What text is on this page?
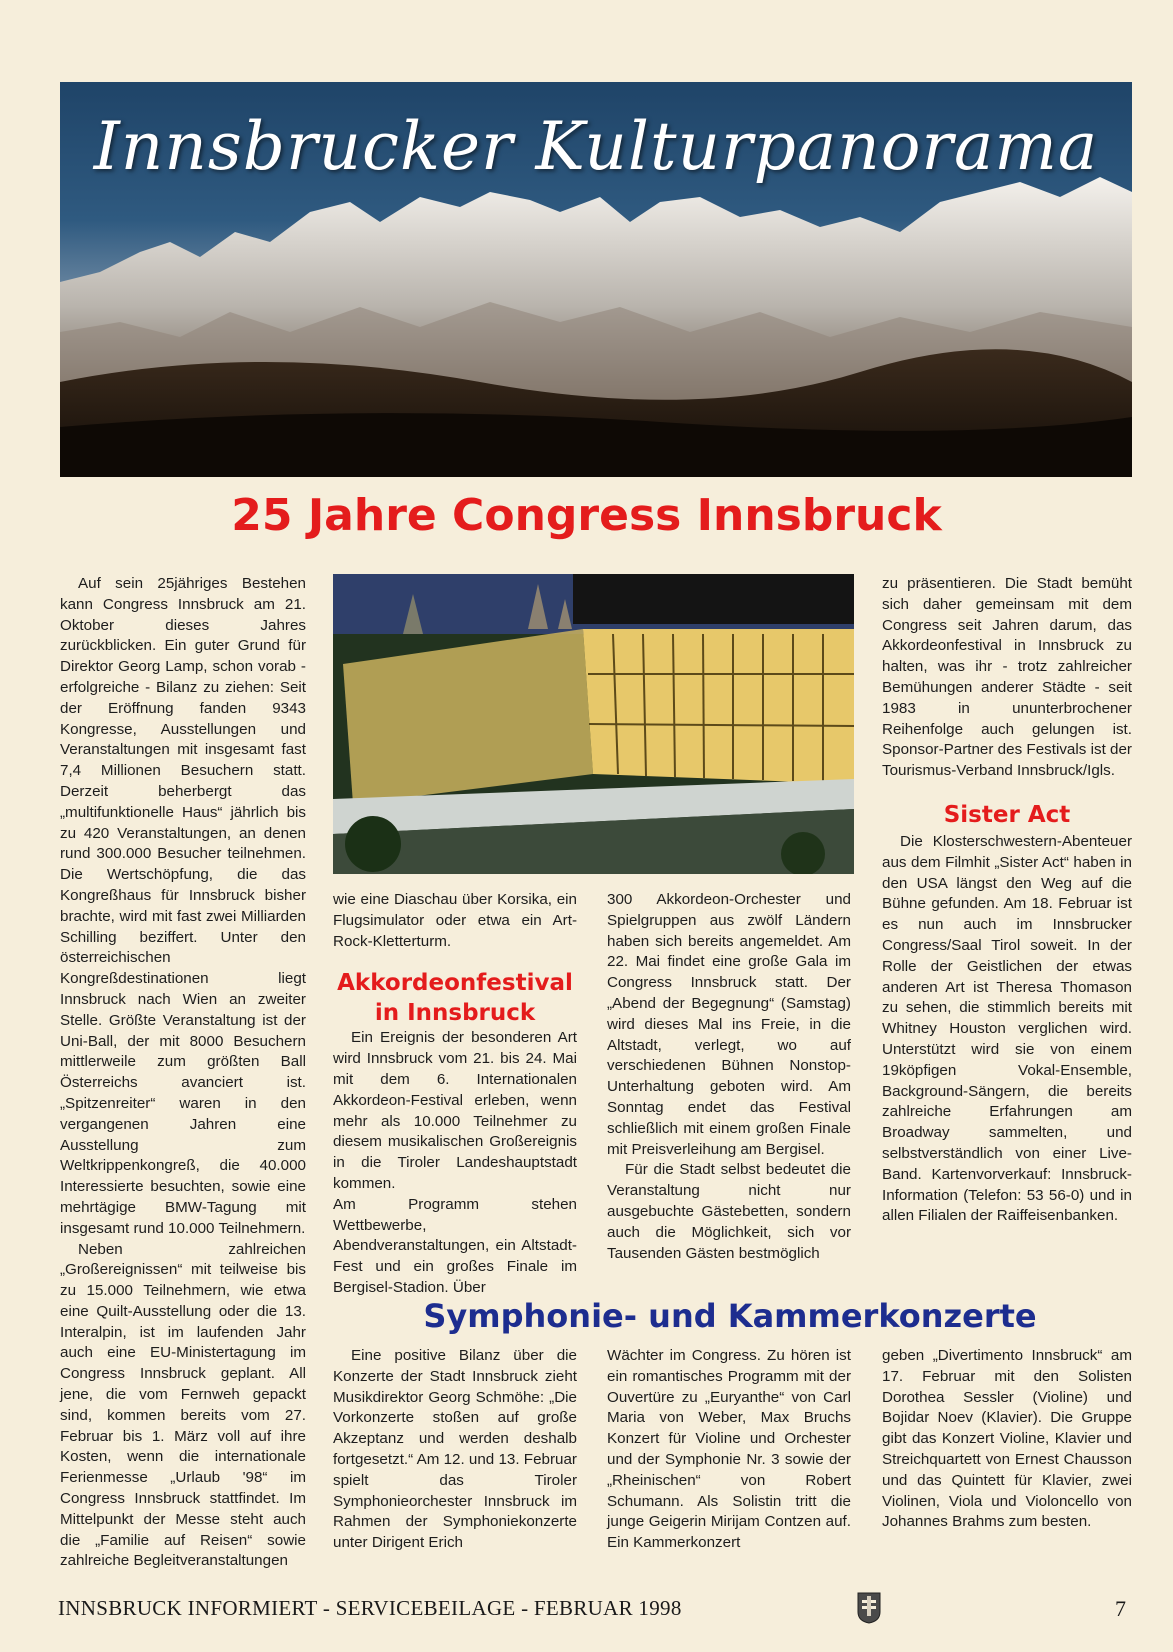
Innsbrucker Kulturpanorama
25 Jahre Congress Innsbruck

Auf sein 25jähriges Bestehen kann Congress Innsbruck am 21. Oktober dieses Jahres zurückblicken. Ein guter Grund für Direktor Georg Lamp, schon vorab - erfolgreiche - Bilanz zu ziehen: Seit der Eröffnung fanden 9343 Kongresse, Ausstellungen und Veranstaltungen mit insgesamt fast 7,4 Millionen Besuchern statt. Derzeit beherbergt das „multifunktionelle Haus“ jährlich bis zu 420 Veranstaltungen, an denen rund 300.000 Besucher teilnehmen. Die Wertschöpfung, die das Kongreßhaus für Innsbruck bisher brachte, wird mit fast zwei Milliarden Schilling beziffert. Unter den österreichischen Kongreßdestinationen liegt Innsbruck nach Wien an zweiter Stelle. Größte Veranstaltung ist der Uni-Ball, der mit 8000 Besuchern mittlerweile zum größten Ball Österreichs avanciert ist. „Spitzenreiter“ waren in den vergangenen Jahren eine Ausstellung zum Weltkrippenkongreß, die 40.000 Interessierte besuchten, sowie eine mehrtägige BMW-Tagung mit insgesamt rund 10.000 Teilnehmern.

Neben zahlreichen „Großereignissen“ mit teilweise bis zu 15.000 Teilnehmern, wie etwa eine Quilt-Ausstellung oder die 13. Interalpin, ist im laufenden Jahr auch eine EU-Ministertagung im Congress Innsbruck geplant. All jene, die vom Fernweh gepackt sind, kommen bereits vom 27. Februar bis 1. März voll auf ihre Kosten, wenn die internationale Ferienmesse „Urlaub '98“ im Congress Innsbruck stattfindet. Im Mittelpunkt der Messe steht auch die „Familie auf Reisen“ sowie zahlreiche Begleitveranstaltungen

wie eine Diaschau über Korsika, ein Flugsimulator oder etwa ein Art-Rock-Kletterturm.

Akkordeonfestival
in Innsbruck

Ein Ereignis der besonderen Art wird Innsbruck vom 21. bis 24. Mai mit dem 6. Internationalen Akkordeon-Festival erleben, wenn mehr als 10.000 Teilnehmer zu diesem musikalischen Großereignis in die Tiroler Landeshauptstadt kommen.

Am Programm stehen Wettbewerbe, Abendveranstaltungen, ein Altstadt-Fest und ein großes Finale im Bergisel-Stadion. Über

300 Akkordeon-Orchester und Spielgruppen aus zwölf Ländern haben sich bereits angemeldet. Am 22. Mai findet eine große Gala im Congress Innsbruck statt. Der „Abend der Begegnung“ (Samstag) wird dieses Mal ins Freie, in die Altstadt, verlegt, wo auf verschiedenen Bühnen Nonstop-Unterhaltung geboten wird. Am Sonntag endet das Festival schließlich mit einem großen Finale mit Preisverleihung am Bergisel.

Für die Stadt selbst bedeutet die Veranstaltung nicht nur ausgebuchte Gästebetten, sondern auch die Möglichkeit, sich vor Tausenden Gästen bestmöglich

zu präsentieren. Die Stadt bemüht sich daher gemeinsam mit dem Congress seit Jahren darum, das Akkordeonfestival in Innsbruck zu halten, was ihr - trotz zahlreicher Bemühungen anderer Städte - seit 1983 in ununterbrochener Reihenfolge auch gelungen ist. Sponsor-Partner des Festivals ist der Tourismus-Verband Innsbruck/Igls.

Sister Act

Die Klosterschwestern-Abenteuer aus dem Filmhit „Sister Act“ haben in den USA längst den Weg auf die Bühne gefunden. Am 18. Februar ist es nun auch im Innsbrucker Congress/Saal Tirol soweit. In der Rolle der Geistlichen der etwas anderen Art ist Theresa Thomason zu sehen, die stimmlich bereits mit Whitney Houston verglichen wird. Unterstützt wird sie von einem 19köpfigen Vokal-Ensemble, Background-Sängern, die bereits zahlreiche Erfahrungen am Broadway sammelten, und selbstverständlich von einer Live-Band. Kartenvorverkauf: Innsbruck-Information (Telefon: 53 56-0) und in allen Filialen der Raiffeisenbanken.

Symphonie- und Kammerkonzerte

Eine positive Bilanz über die Konzerte der Stadt Innsbruck zieht Musikdirektor Georg Schmöhe: „Die Vorkonzerte stoßen auf große Akzeptanz und werden deshalb fortgesetzt.“ Am 12. und 13. Februar spielt das Tiroler Symphonieorchester Innsbruck im Rahmen der Symphoniekonzerte unter Dirigent Erich

Wächter im Congress. Zu hören ist ein romantisches Programm mit der Ouvertüre zu „Euryanthe“ von Carl Maria von Weber, Max Bruchs Konzert für Violine und Orchester und der Symphonie Nr. 3 sowie der „Rheinischen“ von Robert Schumann. Als Solistin tritt die junge Geigerin Mirijam Contzen auf. Ein Kammerkonzert

geben „Divertimento Innsbruck“ am 17. Februar mit den Solisten Dorothea Sessler (Violine) und Bojidar Noev (Klavier). Die Gruppe gibt das Konzert Violine, Klavier und Streichquartett von Ernest Chausson und das Quintett für Klavier, zwei Violinen, Viola und Violoncello von Johannes Brahms zum besten.

INNSBRUCK INFORMIERT - SERVICEBEILAGE - FEBRUAR 1998	7
